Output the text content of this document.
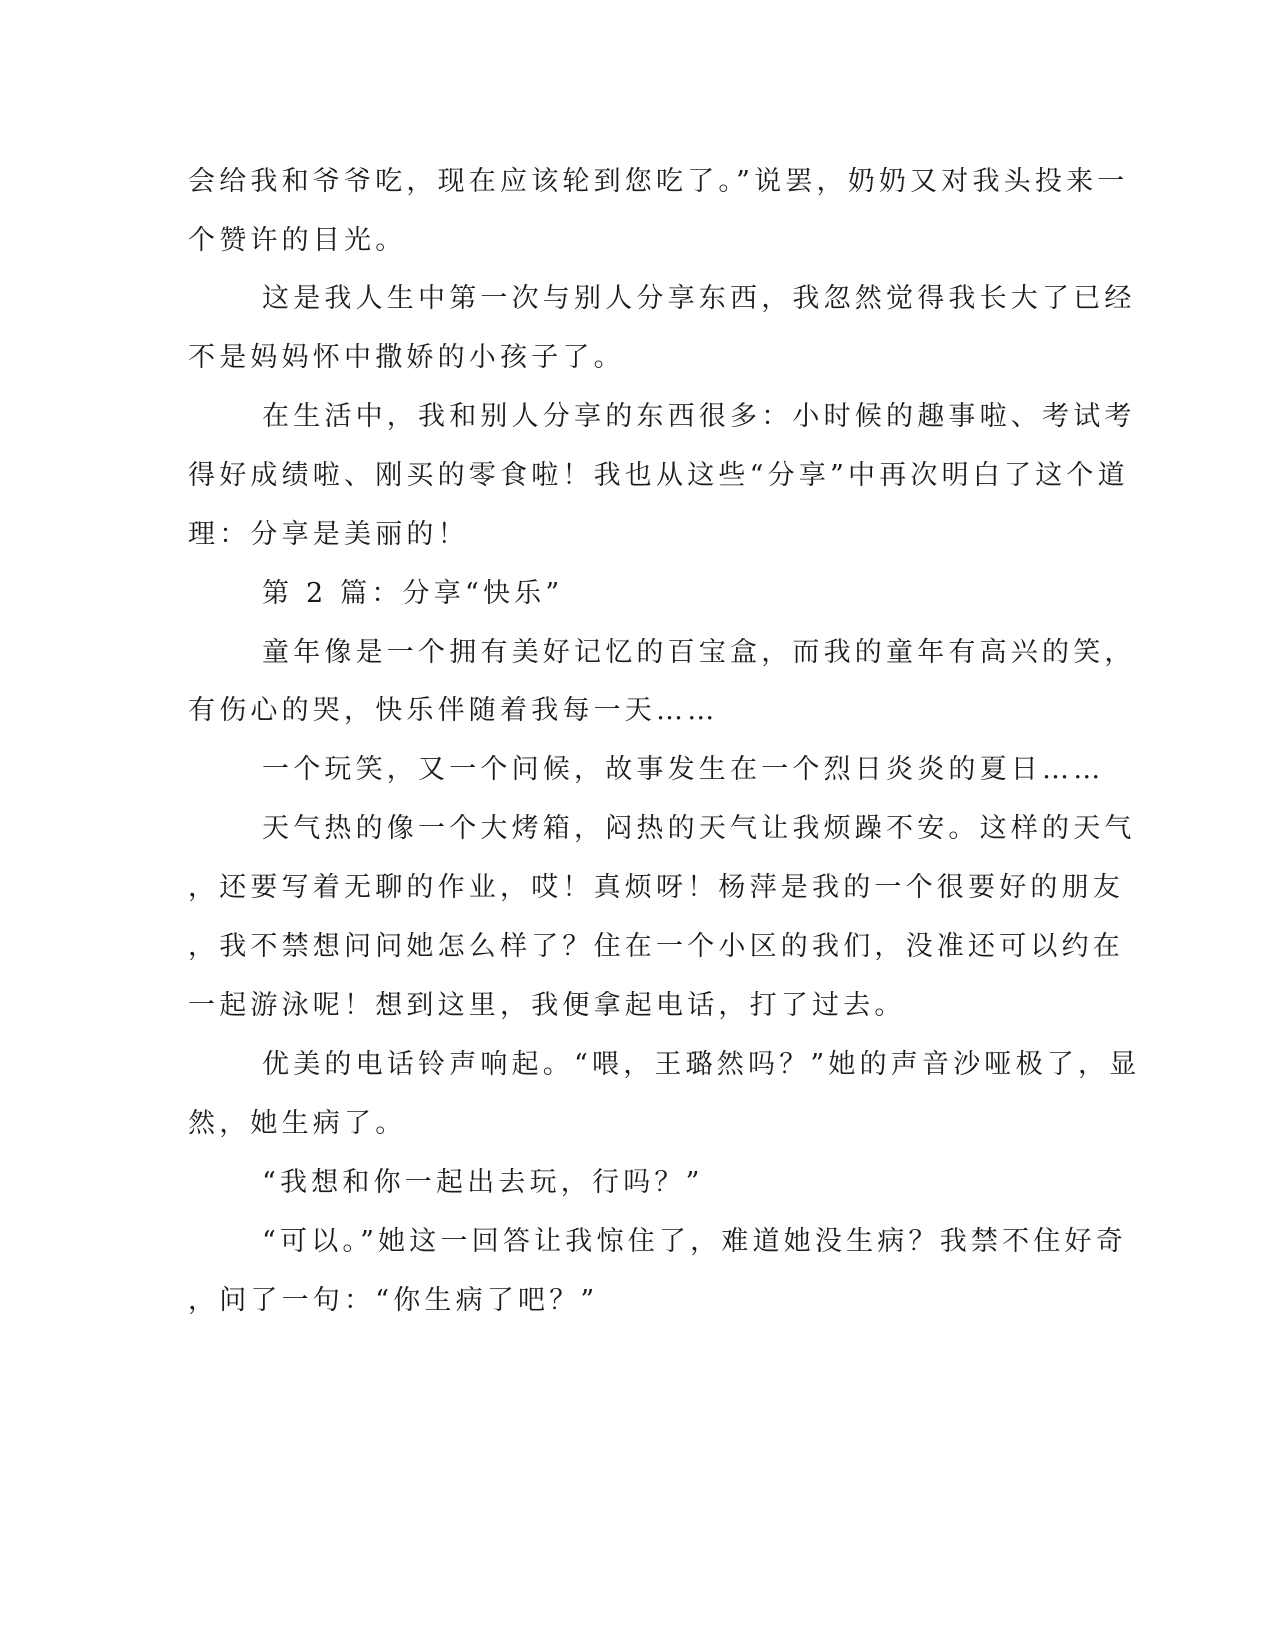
会给我和爷爷吃，现在应该轮到您吃了。”说罢，奶奶又对我头投来一
个赞许的目光。
这是我人生中第一次与别人分享东西，我忽然觉得我长大了已经
不是妈妈怀中撒娇的小孩子了。
在生活中，我和别人分享的东西很多：小时候的趣事啦、考试考
得好成绩啦、刚买的零食啦！我也从这些“分享”中再次明白了这个道
理：分享是美丽的！
第 2 篇：分享“快乐”
童年像是一个拥有美好记忆的百宝盒，而我的童年有高兴的笑，
有伤心的哭，快乐伴随着我每一天……
一个玩笑，又一个问候，故事发生在一个烈日炎炎的夏日……
天气热的像一个大烤箱，闷热的天气让我烦躁不安。这样的天气
，还要写着无聊的作业，哎！真烦呀！杨萍是我的一个很要好的朋友
，我不禁想问问她怎么样了？住在一个小区的我们，没准还可以约在
一起游泳呢！想到这里，我便拿起电话，打了过去。
优美的电话铃声响起。“喂，王璐然吗？”她的声音沙哑极了，显
然，她生病了。
“我想和你一起出去玩，行吗？”
“可以。”她这一回答让我惊住了，难道她没生病？我禁不住好奇
，问了一句：“你生病了吧？”
